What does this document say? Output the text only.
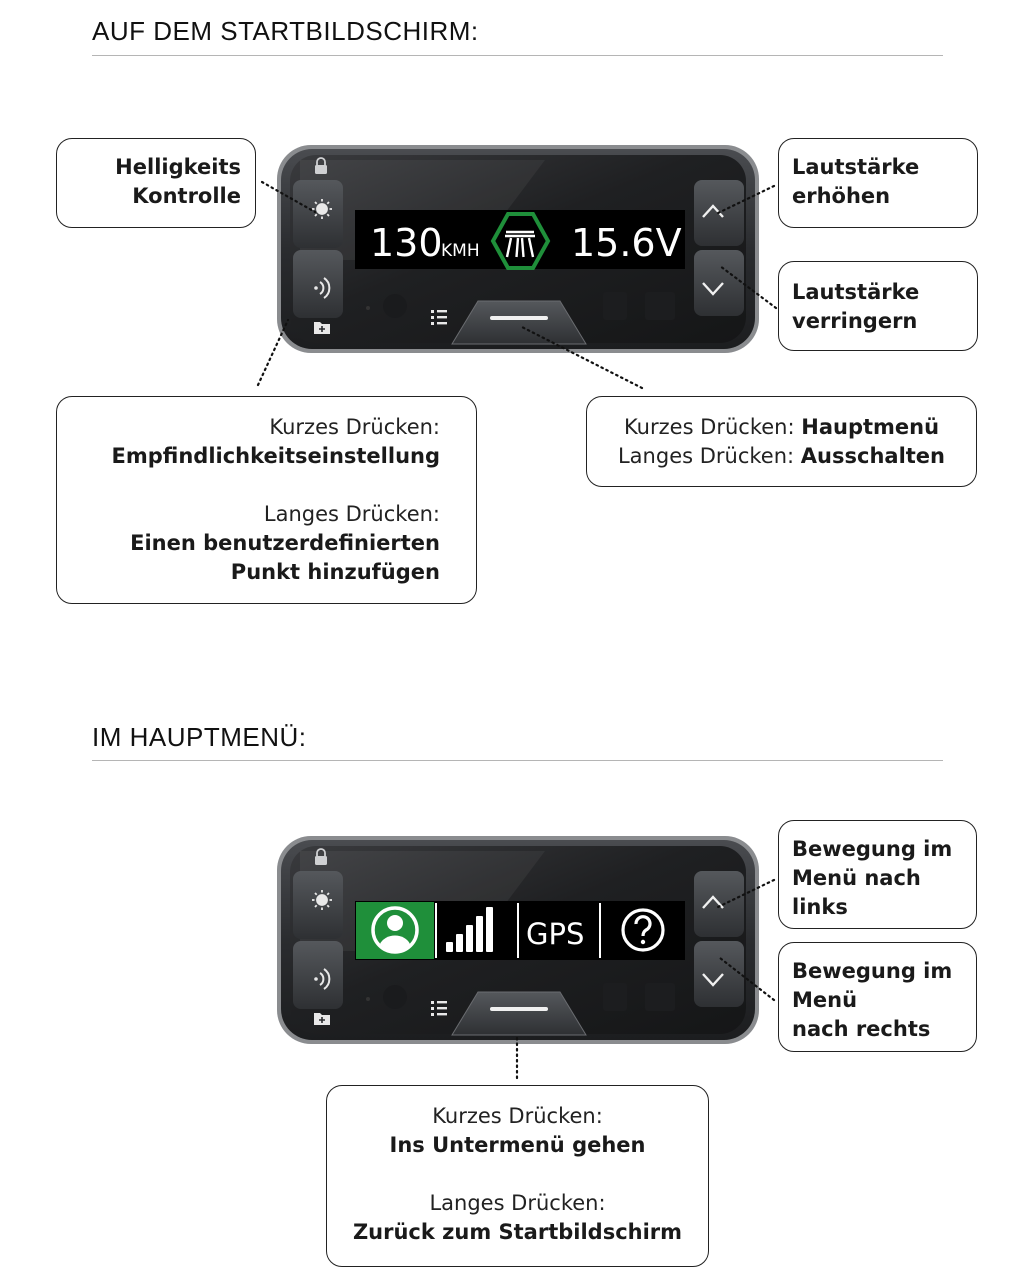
AUF DEM STARTBILDSCHIRM:
IM HAUPTMENÜ:
130
KMH 15.6V
GPS
Helligkeits
Kontrolle
Lautstärke
erhöhen
Lautstärke
verringern
Kurzes Drücken:
Empfindlichkeitseinstellung
Langes Drücken:
Einen benutzerdefinierten
Punkt hinzufügen
Kurzes Drücken: Hauptmenü
Langes Drücken: Ausschalten
Bewegung im
Menü nach
links
Bewegung im
Menü
nach rechts
Kurzes Drücken:
Ins Untermenü gehen
Langes Drücken:
Zurück zum Startbildschirm
